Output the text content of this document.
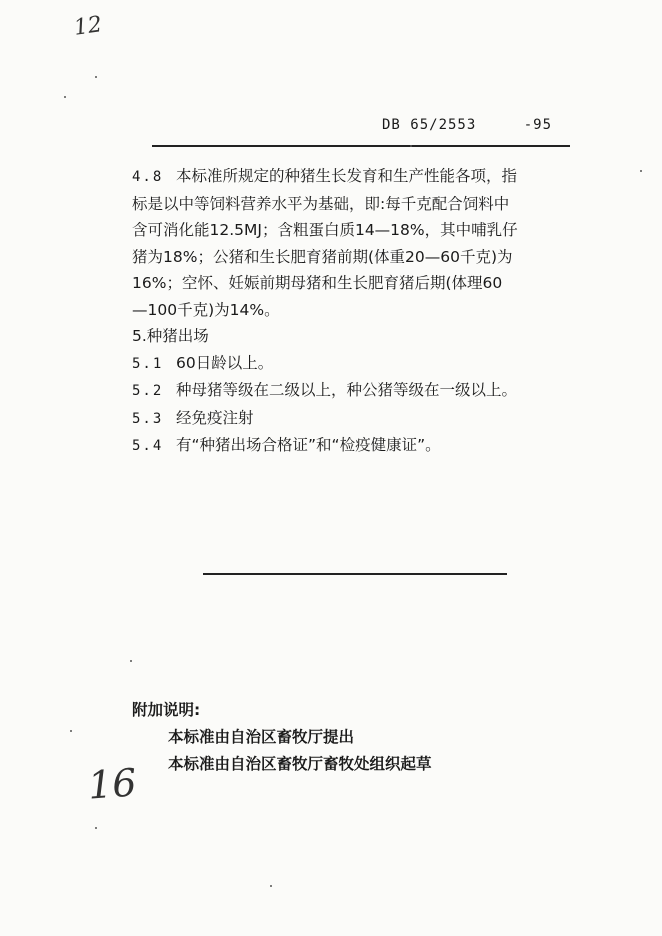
12
DB 65/2553	-95

4.8 本标准所规定的种猪生长发育和生产性能各项，指

标是以中等饲料营养水平为基础，即:每千克配合饲料中

含可消化能12.5MJ；含粗蛋白质14—18%，其中哺乳仔

猪为18%；公猪和生长肥育猪前期(体重20—60千克)为

16%；空怀、妊娠前期母猪和生长肥育猪后期(体理60

—100千克)为14%。

5.种猪出场

5.1 60日龄以上。

5.2 种母猪等级在二级以上，种公猪等级在一级以上。

5.3 经免疫注射

5.4 有“种猪出场合格证”和“检疫健康证”。

附加说明:

本标准由自治区畜牧厅提出

本标准由自治区畜牧厅畜牧处组织起草

16
